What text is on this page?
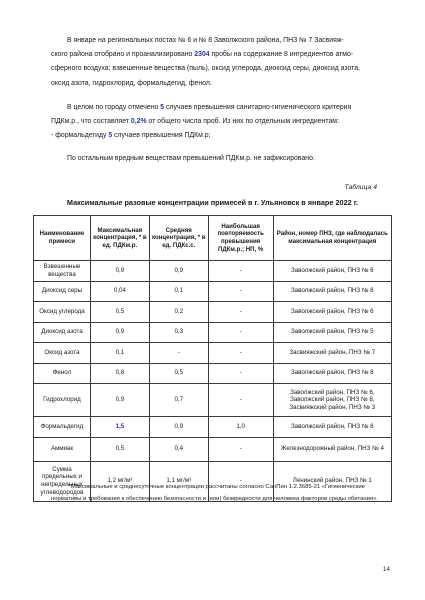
В январе на региональных постах № 6 и № 8 Заволжского района, ПНЗ № 7 Засвияж-
ского района отобрано и проанализировано 2304 пробы на содержание 8 ингредиентов атмо-
сферного воздуха: взвешенные вещества (пыль), оксид углерода, диоксид серы, диоксид азота,
оксид азота, гидрохлорид, формальдегид, фенол.
В целом по городу отмечено 5 случаев превышения санитарно-гигиенического критерия
ПДКм.р., что составляет 0,2% от общего числа проб. Из них по отдельным ингредиентам:
- формальдегиду 5 случаев превышения ПДКм.р;
По остальным вредным веществам превышений ПДКм.р. не зафиксировано.
Таблица 4
Максимальные разовые концентрации примесей в г. Ульяновск в январе 2022 г.
Наименование примеси	Максимальная концентрация, * в ед. ПДКм.р.	Средняя концентрация, * в ед. ПДКс.с.	Наибольшая повторяемость превышения ПДКм.р.; НП, %	Район, номер ПНЗ, где наблюдалась максимальная концентрация
Взвешенные вещества	0,9	0,9	-	Заволжский район, ПНЗ № 6
Диоксид серы	0,04	0,1	-	Заволжский район, ПНЗ № 8
Оксид углерода	0,5	0,2	-	Заволжский район, ПНЗ № 6
Диоксид азота	0,9	0,3	-	Заволжский район, ПНЗ № 5
Оксид азота	0,1	-	-	Засвияжский район, ПНЗ № 7
Фенол	0,8	0,5	-	Заволжский район, ПНЗ № 8
Гидрохлорид	0,9	0,7	-	Заволжский район, ПНЗ № 6, Заволжский район, ПНЗ № 8, Засвияжский район, ПНЗ № 3
Формальдегид	1,5	0,9	1,0	Заволжский район, ПНЗ № 8
Аммиак	0,5	0,4	-	Железнодорожный район, ПНЗ № 4
Сумма предельных и непредельных углеводородов	1,2 мг/м³	1,1 мг/м³	-	Ленинский район, ПНЗ № 1
* Максимальные и среднесуточные концентрации рассчитаны согласно СанПин 1.2.3685-21 «Гигиенические нормативы и требования к обеспечению безопасности и (или) безвредности для человека факторов среды обитания».
14
